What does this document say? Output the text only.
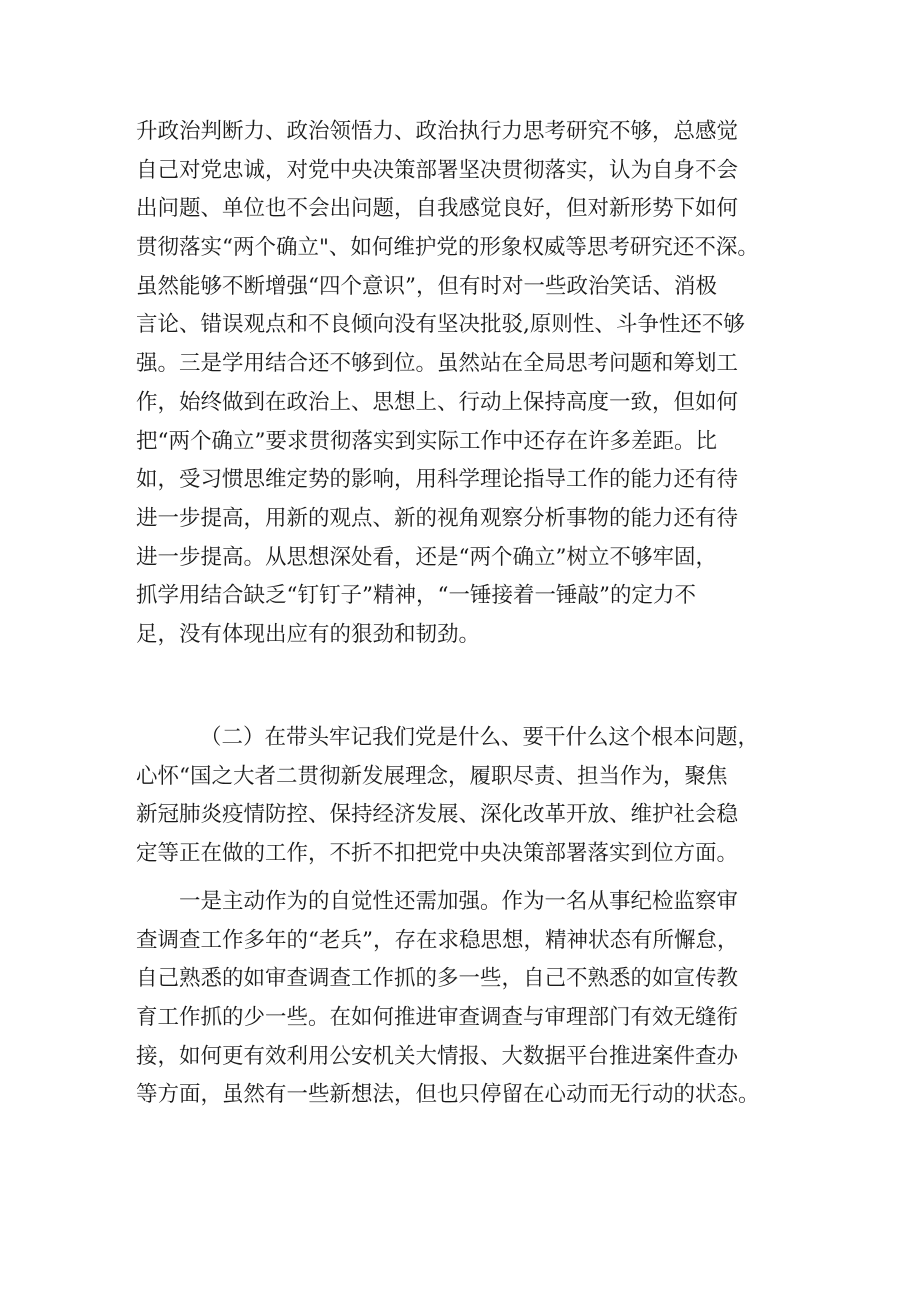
升政治判断力、政治领悟力、政治执行力思考研究不够，总感觉
自己对党忠诚，对党中央决策部署坚决贯彻落实，认为自身不会
出问题、单位也不会出问题，自我感觉良好，但对新形势下如何
贯彻落实“两个确立"、如何维护党的形象权威等思考研究还不深。
虽然能够不断增强“四个意识”，但有时对一些政治笑话、消极
言论、错误观点和不良倾向没有坚决批驳,原则性、斗争性还不够
强。三是学用结合还不够到位。虽然站在全局思考问题和筹划工
作，始终做到在政治上、思想上、行动上保持高度一致，但如何
把“两个确立”要求贯彻落实到实际工作中还存在许多差距。比
如，受习惯思维定势的影响，用科学理论指导工作的能力还有待
进一步提高，用新的观点、新的视角观察分析事物的能力还有待
进一步提高。从思想深处看，还是“两个确立”树立不够牢固，
抓学用结合缺乏“钉钉子”精神，“一锤接着一锤敲”的定力不
足，没有体现出应有的狠劲和韧劲。
（二）在带头牢记我们党是什么、要干什么这个根本问题，
心怀“国之大者二贯彻新发展理念，履职尽责、担当作为，聚焦
新冠肺炎疫情防控、保持经济发展、深化改革开放、维护社会稳
定等正在做的工作，不折不扣把党中央决策部署落实到位方面。
一是主动作为的自觉性还需加强。作为一名从事纪检监察审
查调查工作多年的“老兵”，存在求稳思想，精神状态有所懈怠，
自己熟悉的如审查调查工作抓的多一些，自己不熟悉的如宣传教
育工作抓的少一些。在如何推进审查调查与审理部门有效无缝衔
接，如何更有效利用公安机关大情报、大数据平台推进案件查办
等方面，虽然有一些新想法，但也只停留在心动而无行动的状态。
